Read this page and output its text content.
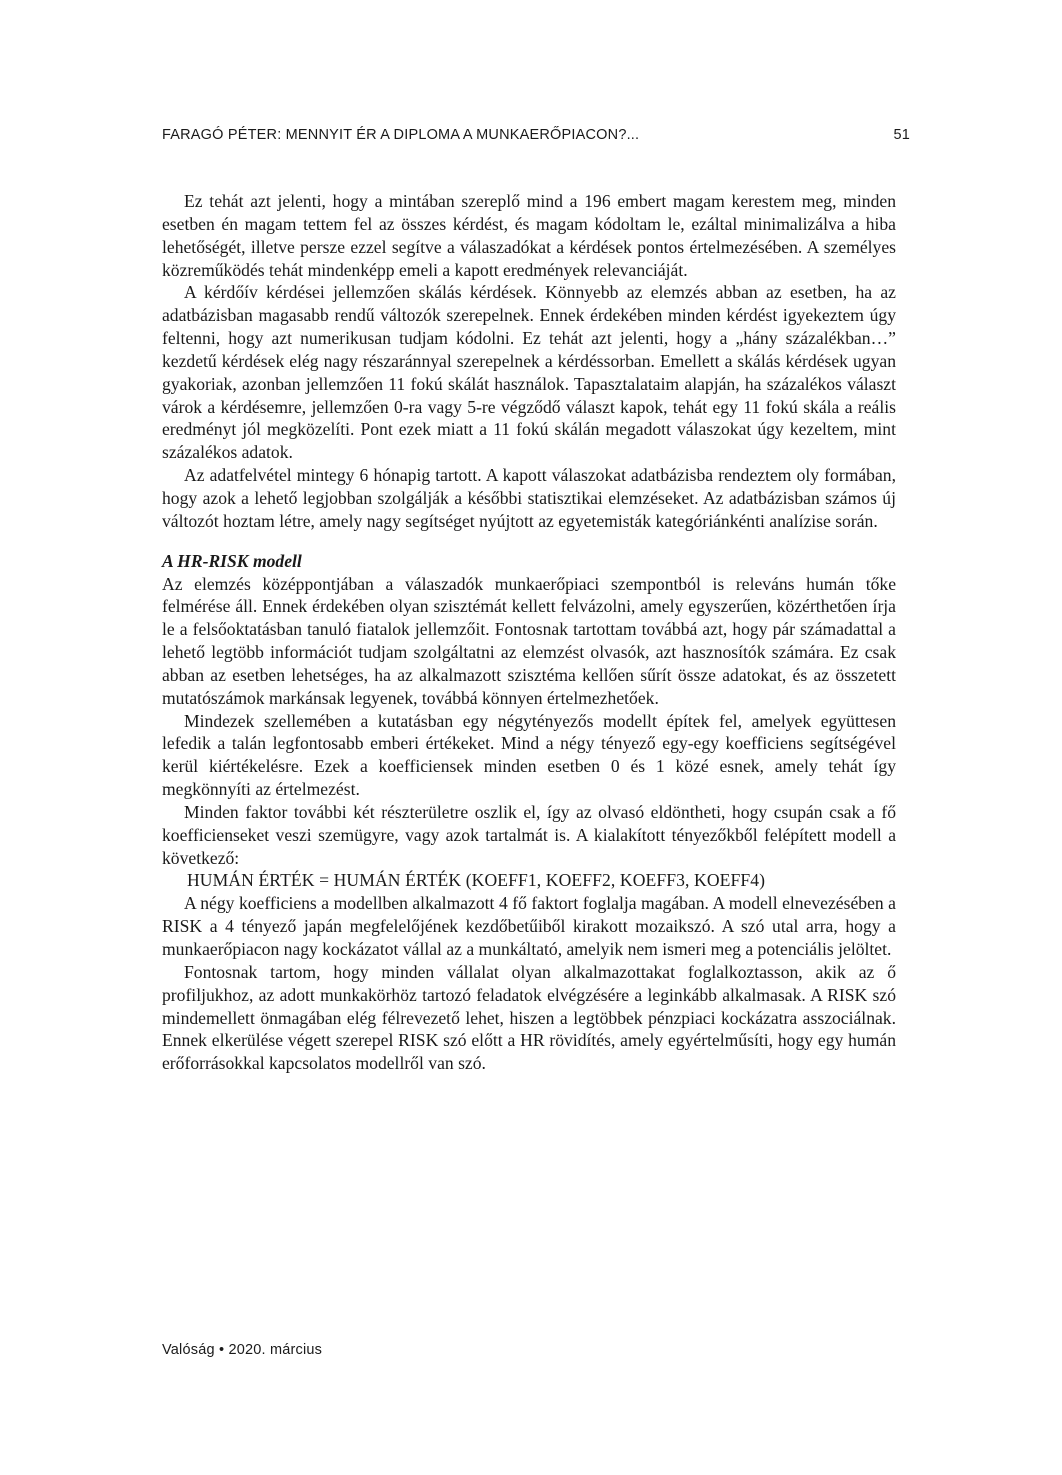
FARAGÓ PÉTER: MENNYIT ÉR A DIPLOMA A MUNKAERŐPIACON?...	51

Ez tehát azt jelenti, hogy a mintában szereplő mind a 196 embert magam kerestem meg, minden esetben én magam tettem fel az összes kérdést, és magam kódoltam le, ezáltal minimalizálva a hiba lehetőségét, illetve persze ezzel segítve a válaszadókat a kérdések pontos értelmezésében. A személyes közreműködés tehát mindenképp emeli a kapott eredmények relevanciáját.

A kérdőív kérdései jellemzően skálás kérdések. Könnyebb az elemzés abban az esetben, ha az adatbázisban magasabb rendű változók szerepelnek. Ennek érdekében minden kérdést igyekeztem úgy feltenni, hogy azt numerikusan tudjam kódolni. Ez tehát azt jelenti, hogy a „hány százalékban…” kezdetű kérdések elég nagy részaránnyal szerepelnek a kérdéssorban. Emellett a skálás kérdések ugyan gyakoriak, azonban jellemzően 11 fokú skálát használok. Tapasztalataim alapján, ha százalékos választ várok a kérdésemre, jellemzően 0-ra vagy 5-re végződő választ kapok, tehát egy 11 fokú skála a reális eredményt jól megközelíti. Pont ezek miatt a 11 fokú skálán megadott válaszokat úgy kezeltem, mint százalékos adatok.

Az adatfelvétel mintegy 6 hónapig tartott. A kapott válaszokat adatbázisba rendeztem oly formában, hogy azok a lehető legjobban szolgálják a későbbi statisztikai elemzéseket. Az adatbázisban számos új változót hoztam létre, amely nagy segítséget nyújtott az egyetemisták kategóriánkénti analízise során.

A HR-RISK modell

Az elemzés középpontjában a válaszadók munkaerőpiaci szempontból is releváns humán tőke felmérése áll. Ennek érdekében olyan szisztémát kellett felvázolni, amely egyszerűen, közérthetően írja le a felsőoktatásban tanuló fiatalok jellemzőit. Fontosnak tartottam továbbá azt, hogy pár számadattal a lehető legtöbb információt tudjam szolgáltatni az elemzést olvasók, azt hasznosítók számára. Ez csak abban az esetben lehetséges, ha az alkalmazott szisztéma kellően sűrít össze adatokat, és az összetett mutatószámok markánsak legyenek, továbbá könnyen értelmezhetőek.

Mindezek szellemében a kutatásban egy négytényezős modellt építek fel, amelyek együttesen lefedik a talán legfontosabb emberi értékeket. Mind a négy tényező egy-egy koefficiens segítségével kerül kiértékelésre. Ezek a koefficiensek minden esetben 0 és 1 közé esnek, amely tehát így megkönnyíti az értelmezést.

Minden faktor további két részterületre oszlik el, így az olvasó eldöntheti, hogy csupán csak a fő koefficienseket veszi szemügyre, vagy azok tartalmát is. A kialakított tényezőkből felépített modell a következő:

HUMÁN ÉRTÉK = HUMÁN ÉRTÉK (KOEFF1, KOEFF2, KOEFF3, KOEFF4)

A négy koefficiens a modellben alkalmazott 4 fő faktort foglalja magában. A modell elnevezésében a RISK a 4 tényező japán megfelelőjének kezdőbetűiből kirakott mozaikszó. A szó utal arra, hogy a munkaerőpiacon nagy kockázatot vállal az a munkáltató, amelyik nem ismeri meg a potenciális jelöltet.

Fontosnak tartom, hogy minden vállalat olyan alkalmazottakat foglalkoztasson, akik az ő profiljukhoz, az adott munkakörhöz tartozó feladatok elvégzésére a leginkább alkalmasak. A RISK szó mindemellett önmagában elég félrevezető lehet, hiszen a legtöbbek pénzpiaci kockázatra asszociálnak. Ennek elkerülése végett szerepel RISK szó előtt a HR rövidítés, amely egyértelműsíti, hogy egy humán erőforrásokkal kapcsolatos modellről van szó.

Valóság • 2020. március
